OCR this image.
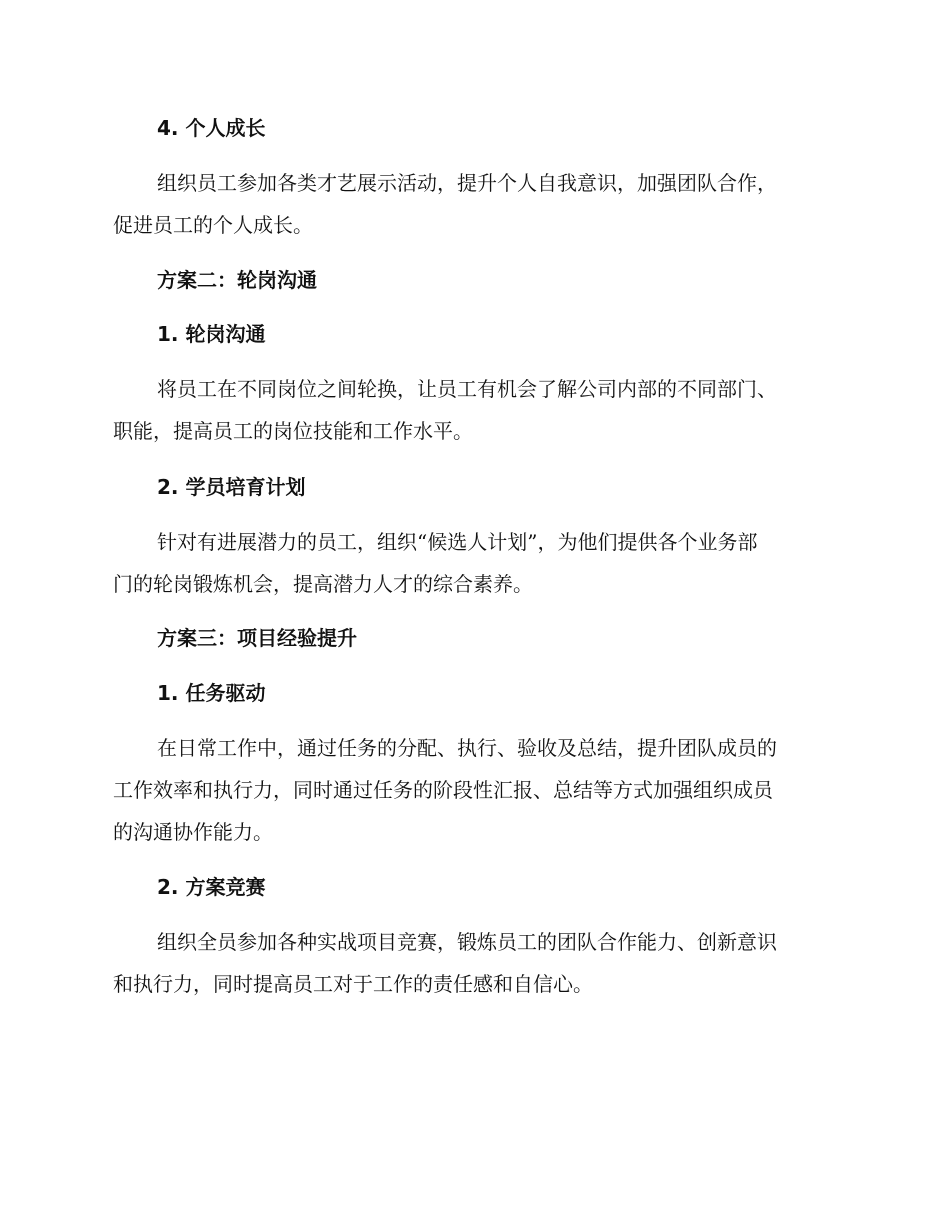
4. 个人成长
组织员工参加各类才艺展示活动，提升个人自我意识，加强团队合作，
促进员工的个人成长。
方案二：轮岗沟通
1. 轮岗沟通
将员工在不同岗位之间轮换，让员工有机会了解公司内部的不同部门、
职能，提高员工的岗位技能和工作水平。
2. 学员培育计划
针对有进展潜力的员工，组织“候选人计划”，为他们提供各个业务部
门的轮岗锻炼机会，提高潜力人才的综合素养。
方案三：项目经验提升
1. 任务驱动
在日常工作中，通过任务的分配、执行、验收及总结，提升团队成员的
工作效率和执行力，同时通过任务的阶段性汇报、总结等方式加强组织成员
的沟通协作能力。
2. 方案竞赛
组织全员参加各种实战项目竞赛，锻炼员工的团队合作能力、创新意识
和执行力，同时提高员工对于工作的责任感和自信心。
